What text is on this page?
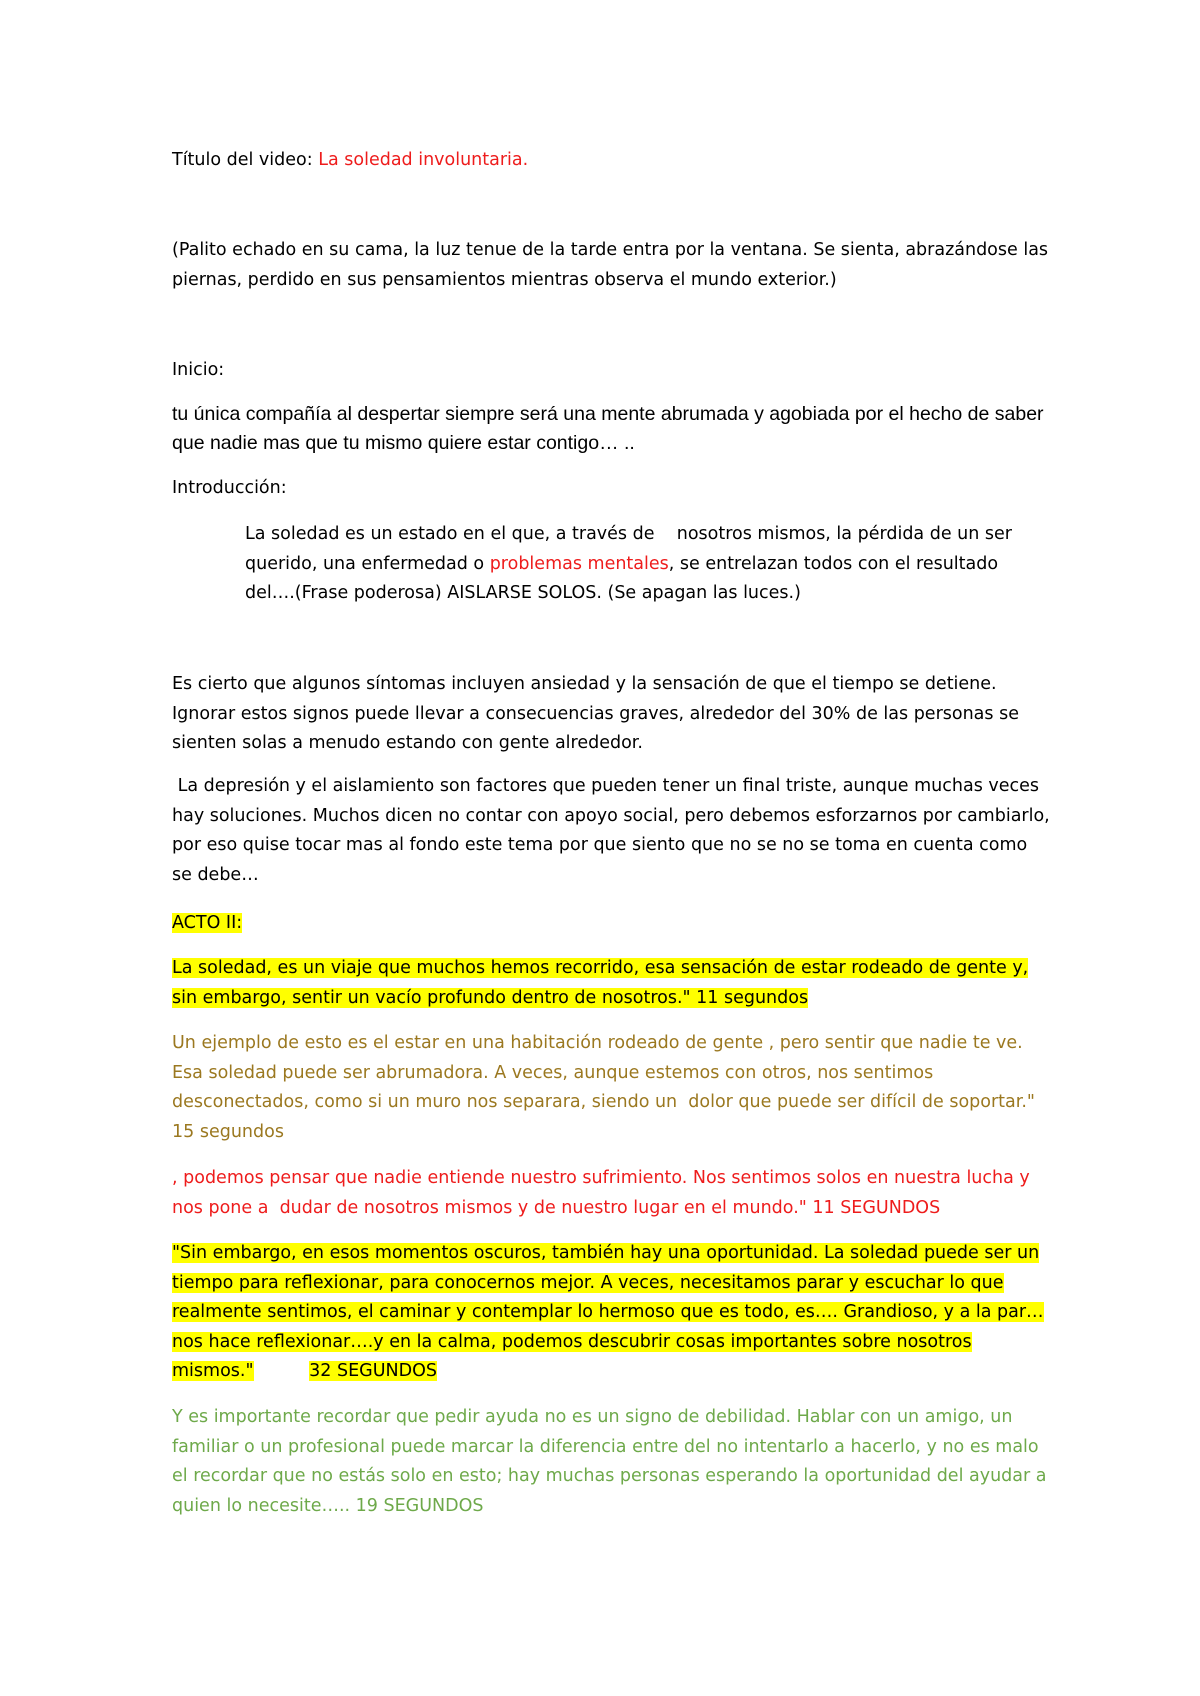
Título del video: La soledad involuntaria.

(Palito echado en su cama, la luz tenue de la tarde entra por la ventana. Se sienta, abrazándose las piernas, perdido en sus pensamientos mientras observa el mundo exterior.)

Inicio:

tu única compañía al despertar siempre será una mente abrumada y agobiada por el hecho de saber que nadie mas que tu mismo quiere estar contigo… ..

Introducción:

La soledad es un estado en el que, a través de    nosotros mismos, la pérdida de un ser querido, una enfermedad o problemas mentales, se entrelazan todos con el resultado del….(Frase poderosa) AISLARSE SOLOS. (Se apagan las luces.)

Es cierto que algunos síntomas incluyen ansiedad y la sensación de que el tiempo se detiene. Ignorar estos signos puede llevar a consecuencias graves, alrededor del 30% de las personas se sienten solas a menudo estando con gente alrededor.

La depresión y el aislamiento son factores que pueden tener un final triste, aunque muchas veces hay soluciones. Muchos dicen no contar con apoyo social, pero debemos esforzarnos por cambiarlo, por eso quise tocar mas al fondo este tema por que siento que no se no se toma en cuenta como se debe…

ACTO II:

La soledad, es un viaje que muchos hemos recorrido, esa sensación de estar rodeado de gente y, sin embargo, sentir un vacío profundo dentro de nosotros." 11 segundos

Un ejemplo de esto es el estar en una habitación rodeado de gente , pero sentir que nadie te ve. Esa soledad puede ser abrumadora. A veces, aunque estemos con otros, nos sentimos desconectados, como si un muro nos separara, siendo un  dolor que puede ser difícil de soportar." 15 segundos

, podemos pensar que nadie entiende nuestro sufrimiento. Nos sentimos solos en nuestra lucha y nos pone a  dudar de nosotros mismos y de nuestro lugar en el mundo." 11 SEGUNDOS

"Sin embargo, en esos momentos oscuros, también hay una oportunidad. La soledad puede ser un tiempo para reflexionar, para conocernos mejor. A veces, necesitamos parar y escuchar lo que realmente sentimos, el caminar y contemplar lo hermoso que es todo, es…. Grandioso, y a la par… nos hace reflexionar….y en la calma, podemos descubrir cosas importantes sobre nosotros mismos."	32 SEGUNDOS

Y es importante recordar que pedir ayuda no es un signo de debilidad. Hablar con un amigo, un familiar o un profesional puede marcar la diferencia entre del no intentarlo a hacerlo, y no es malo el recordar que no estás solo en esto; hay muchas personas esperando la oportunidad del ayudar a quien lo necesite….. 19 SEGUNDOS
